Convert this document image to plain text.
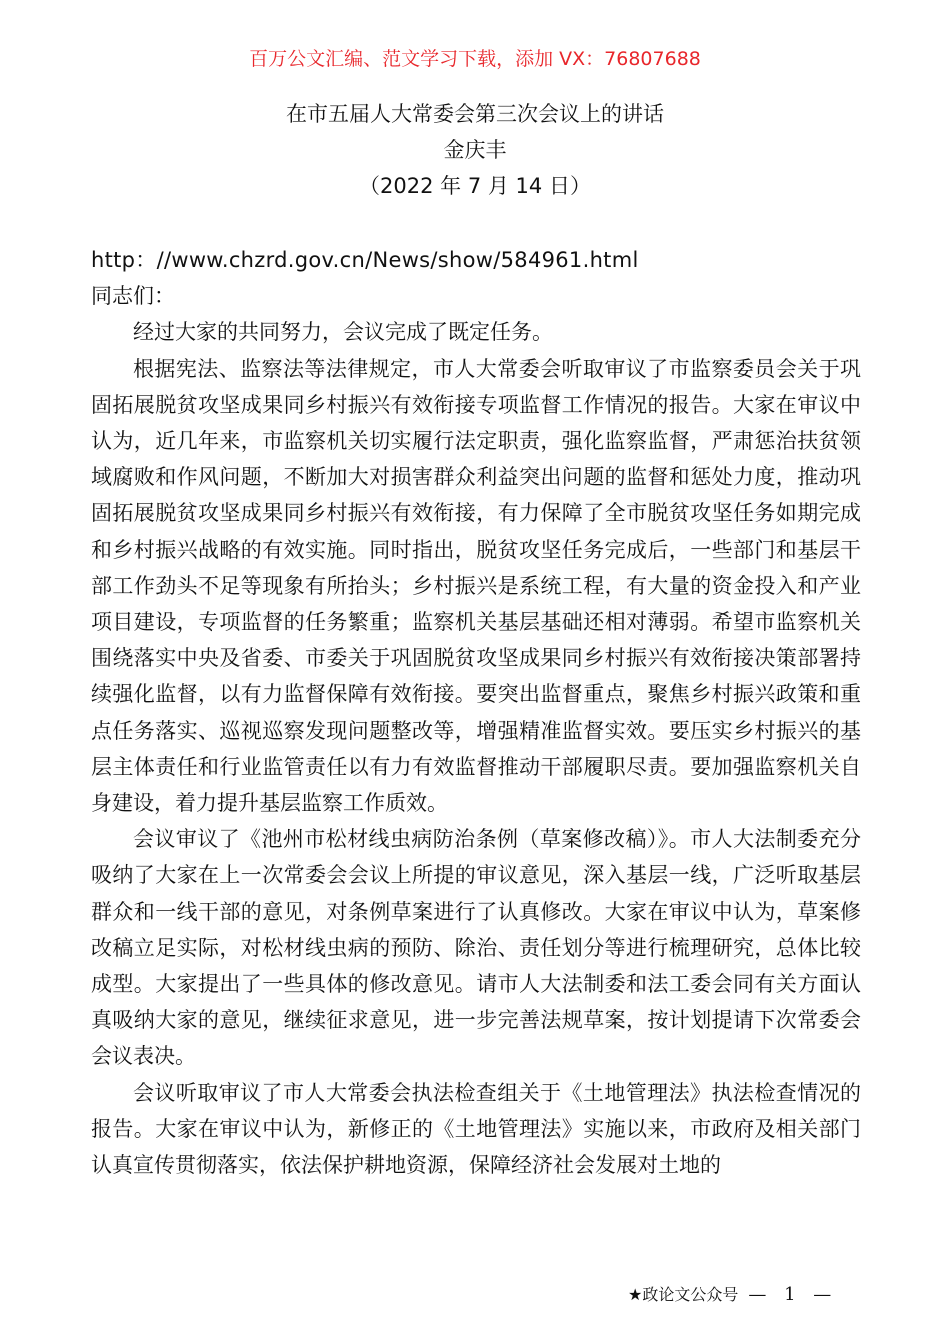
百万公文汇编、范文学习下载，添加 VX：76807688
在市五届人大常委会第三次会议上的讲话
金庆丰
（2022 年 7 月 14 日）

http：//www.chzrd.gov.cn/News/show/584961.html

同志们：

经过大家的共同努力，会议完成了既定任务。

根据宪法、监察法等法律规定，市人大常委会听取审议了市监察委员会关于巩固拓展脱贫攻坚成果同乡村振兴有效衔接专项监督工作情况的报告。大家在审议中认为，近几年来，市监察机关切实履行法定职责，强化监察监督，严肃惩治扶贫领域腐败和作风问题，不断加大对损害群众利益突出问题的监督和惩处力度，推动巩固拓展脱贫攻坚成果同乡村振兴有效衔接，有力保障了全市脱贫攻坚任务如期完成和乡村振兴战略的有效实施。同时指出，脱贫攻坚任务完成后，一些部门和基层干部工作劲头不足等现象有所抬头；乡村振兴是系统工程，有大量的资金投入和产业项目建设，专项监督的任务繁重；监察机关基层基础还相对薄弱。希望市监察机关围绕落实中央及省委、市委关于巩固脱贫攻坚成果同乡村振兴有效衔接决策部署持续强化监督，以有力监督保障有效衔接。要突出监督重点，聚焦乡村振兴政策和重点任务落实、巡视巡察发现问题整改等，增强精准监督实效。要压实乡村振兴的基层主体责任和行业监管责任以有力有效监督推动干部履职尽责。要加强监察机关自身建设，着力提升基层监察工作质效。

会议审议了《池州市松材线虫病防治条例（草案修改稿）》。市人大法制委充分吸纳了大家在上一次常委会会议上所提的审议意见，深入基层一线，广泛听取基层群众和一线干部的意见，对条例草案进行了认真修改。大家在审议中认为，草案修改稿立足实际，对松材线虫病的预防、除治、责任划分等进行梳理研究，总体比较成型。大家提出了一些具体的修改意见。请市人大法制委和法工委会同有关方面认真吸纳大家的意见，继续征求意见，进一步完善法规草案，按计划提请下次常委会会议表决。

会议听取审议了市人大常委会执法检查组关于《土地管理法》执法检查情况的报告。大家在审议中认为，新修正的《土地管理法》实施以来，市政府及相关部门认真宣传贯彻落实，依法保护耕地资源，保障经济社会发展对土地的

★政论文公众号 — 1 —
